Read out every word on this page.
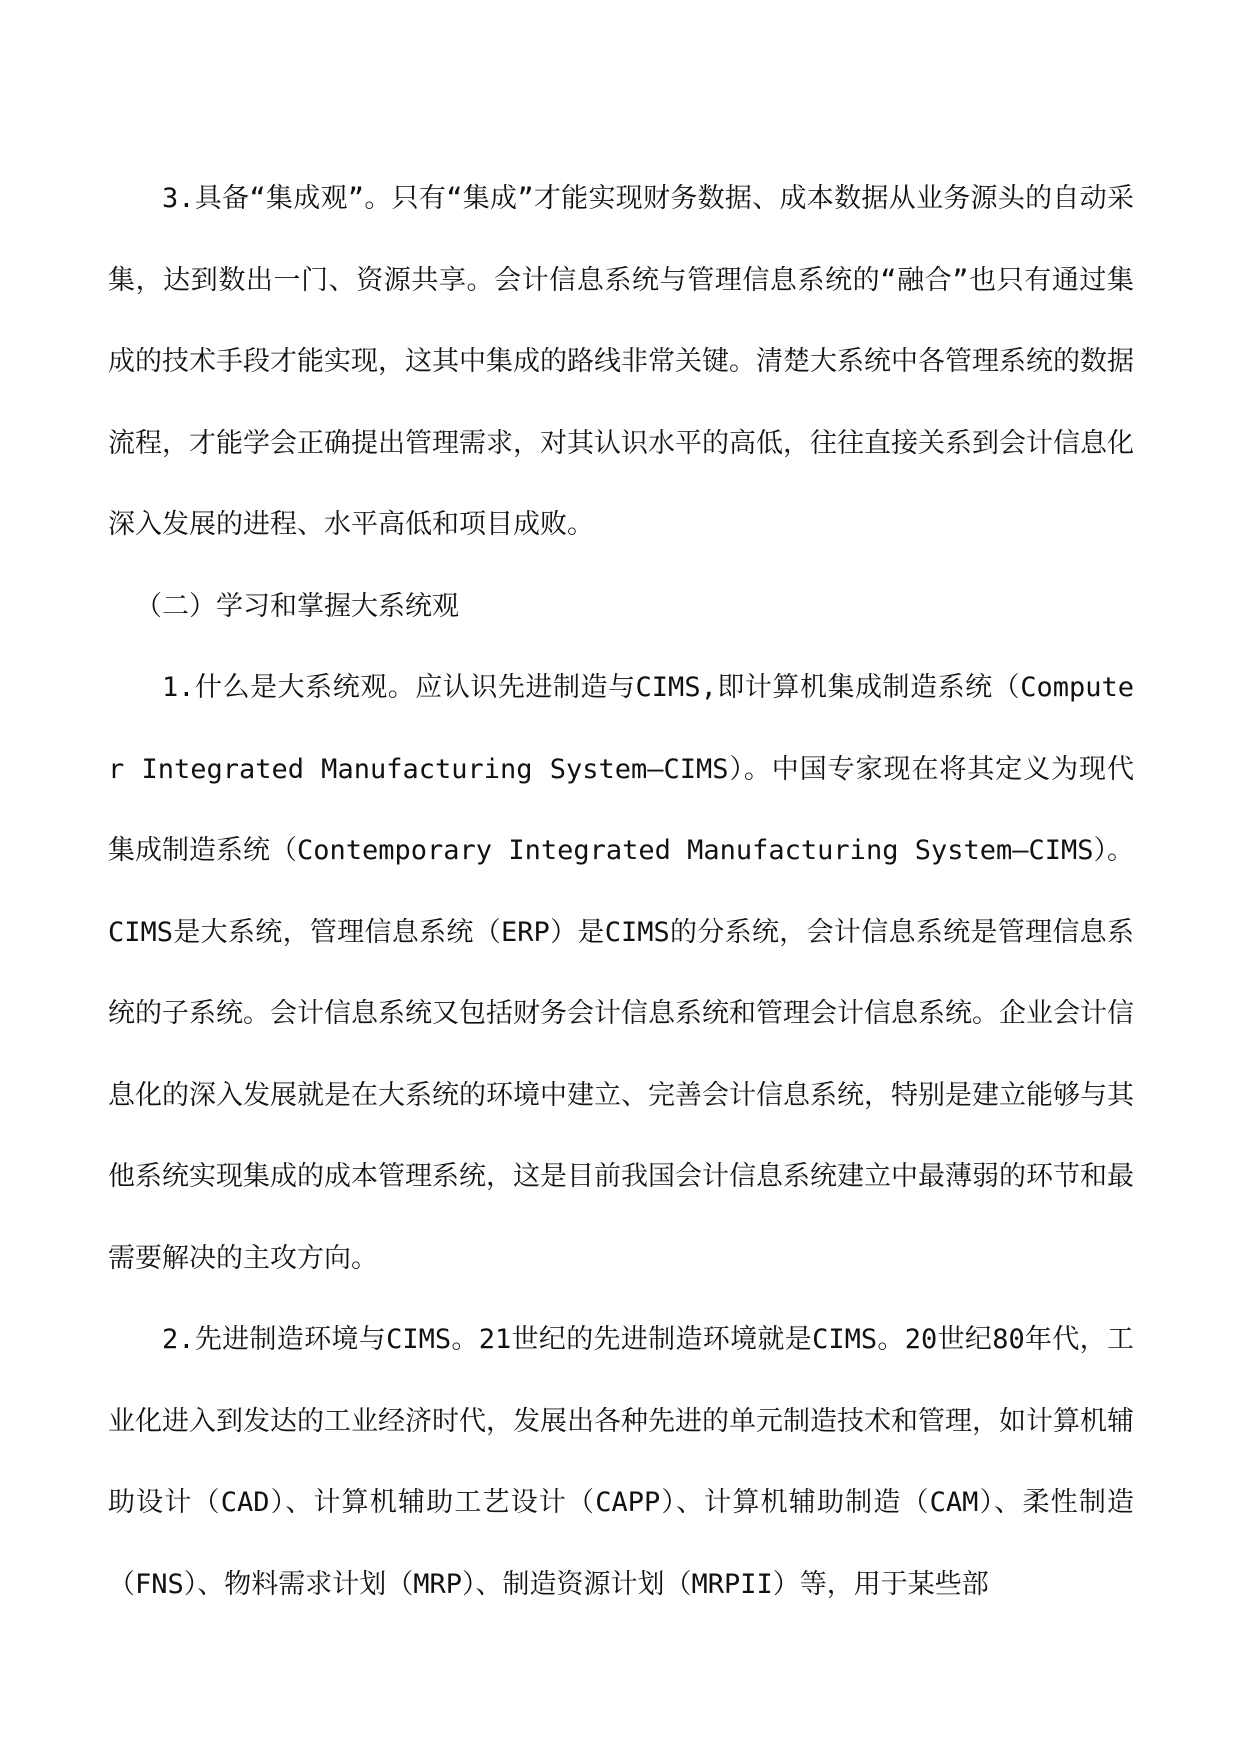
3.具备“集成观”。只有“集成”才能实现财务数据、成本数据从业务源头的自动采集，达到数出一门、资源共享。会计信息系统与管理信息系统的“融合”也只有通过集成的技术手段才能实现，这其中集成的路线非常关键。清楚大系统中各管理系统的数据流程，才能学会正确提出管理需求，对其认识水平的高低，往往直接关系到会计信息化深入发展的进程、水平高低和项目成败。

（二）学习和掌握大系统观

1.什么是大系统观。应认识先进制造与CIMS,即计算机集成制造系统（Computer Integrated Manufacturing System–CIMS）。中国专家现在将其定义为现代集成制造系统（Contemporary Integrated Manufacturing System—CIMS）。CIMS是大系统，管理信息系统（ERP）是CIMS的分系统，会计信息系统是管理信息系统的子系统。会计信息系统又包括财务会计信息系统和管理会计信息系统。企业会计信息化的深入发展就是在大系统的环境中建立、完善会计信息系统，特别是建立能够与其他系统实现集成的成本管理系统，这是目前我国会计信息系统建立中最薄弱的环节和最需要解决的主攻方向。

2.先进制造环境与CIMS。21世纪的先进制造环境就是CIMS。20世纪80年代，工业化进入到发达的工业经济时代，发展出各种先进的单元制造技术和管理，如计算机辅助设计（CAD）、计算机辅助工艺设计（CAPP）、计算机辅助制造（CAM）、柔性制造（FNS）、物料需求计划（MRP）、制造资源计划（MRPII）等，用于某些部
